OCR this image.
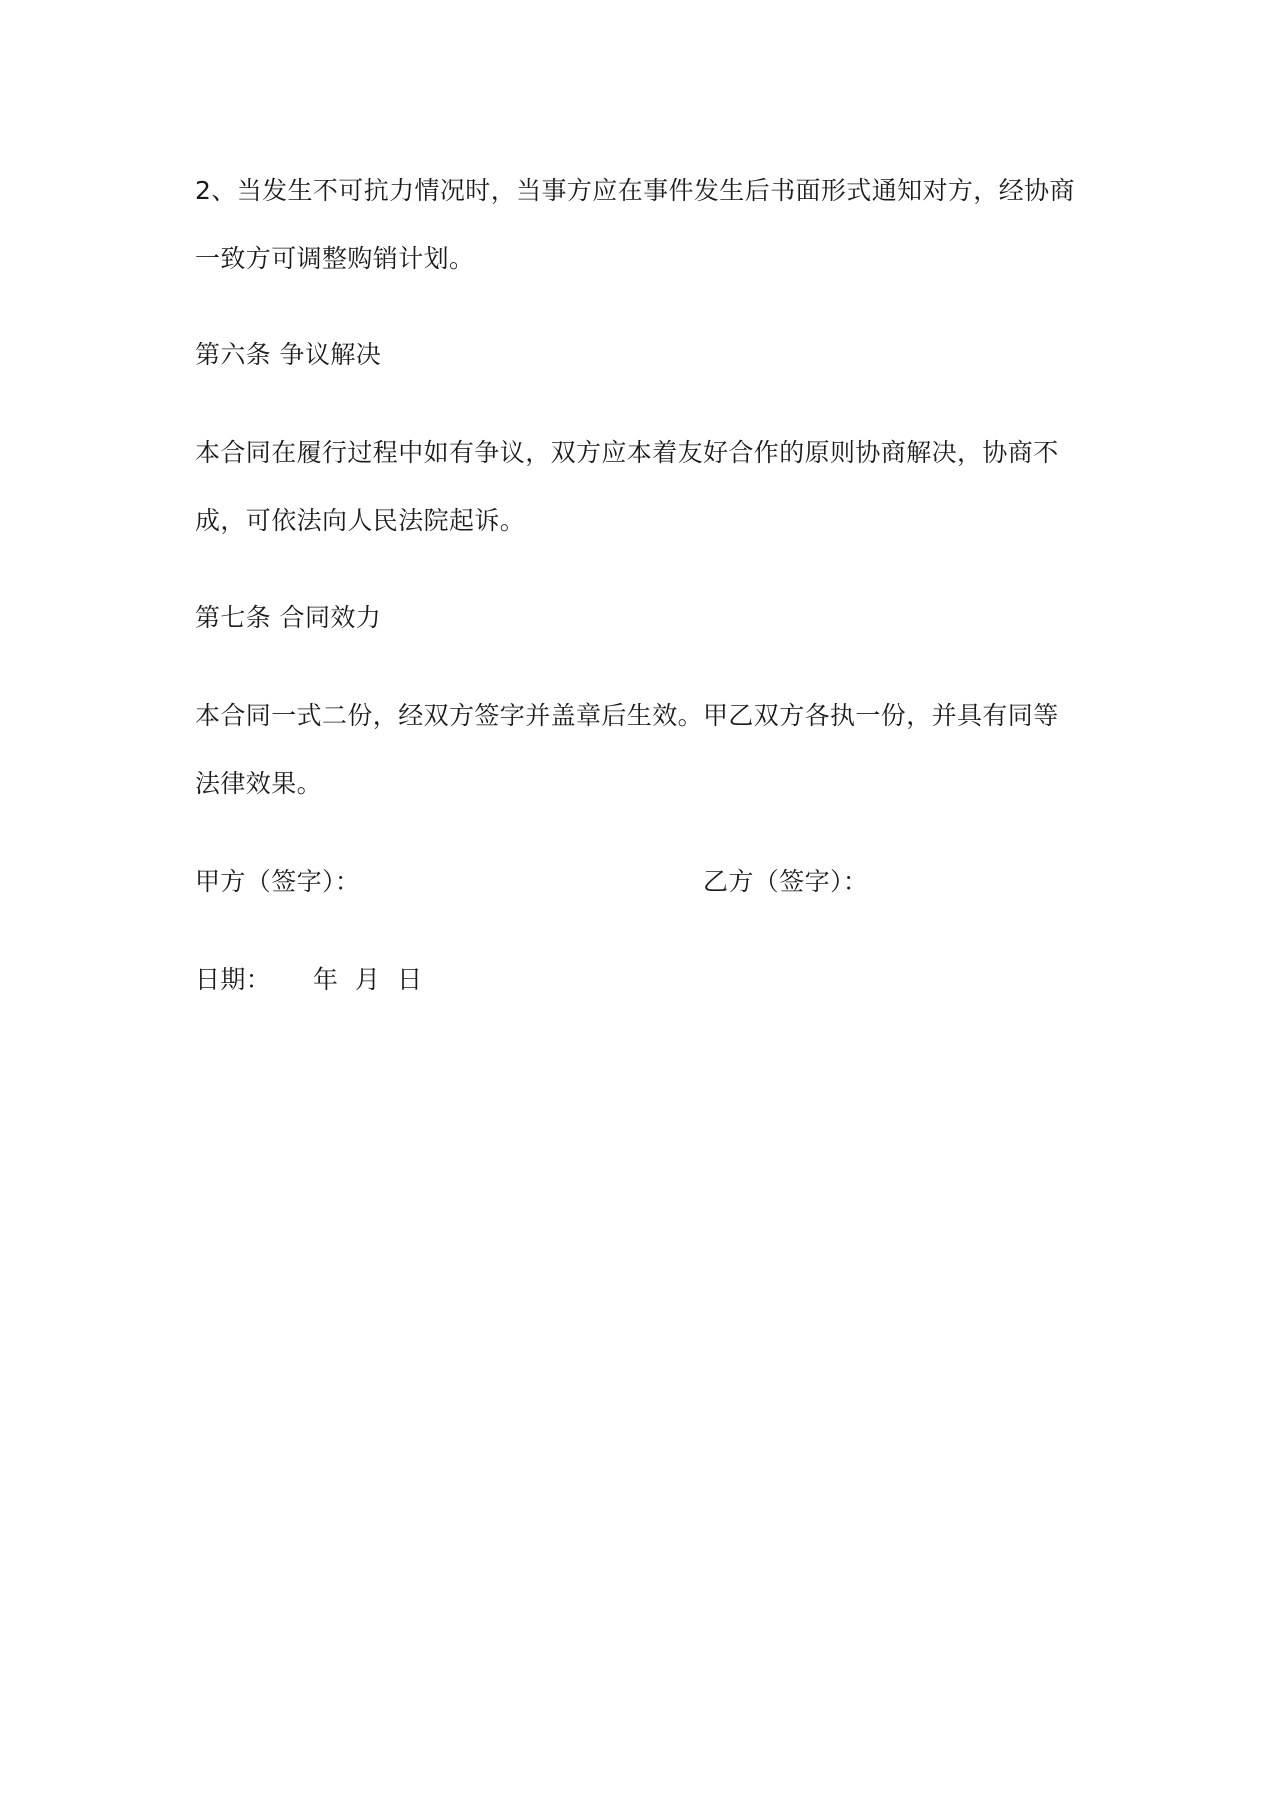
2、当发生不可抗力情况时，当事方应在事件发生后书面形式通知对方，经协商

一致方可调整购销计划。

第六条 争议解决

本合同在履行过程中如有争议，双方应本着友好合作的原则协商解决，协商不

成，可依法向人民法院起诉。

第七条 合同效力

本合同一式二份，经双方签字并盖章后生效。甲乙双方各执一份，并具有同等

法律效果。

甲方（签字）：	乙方（签字）：

日期：     年  月  日
